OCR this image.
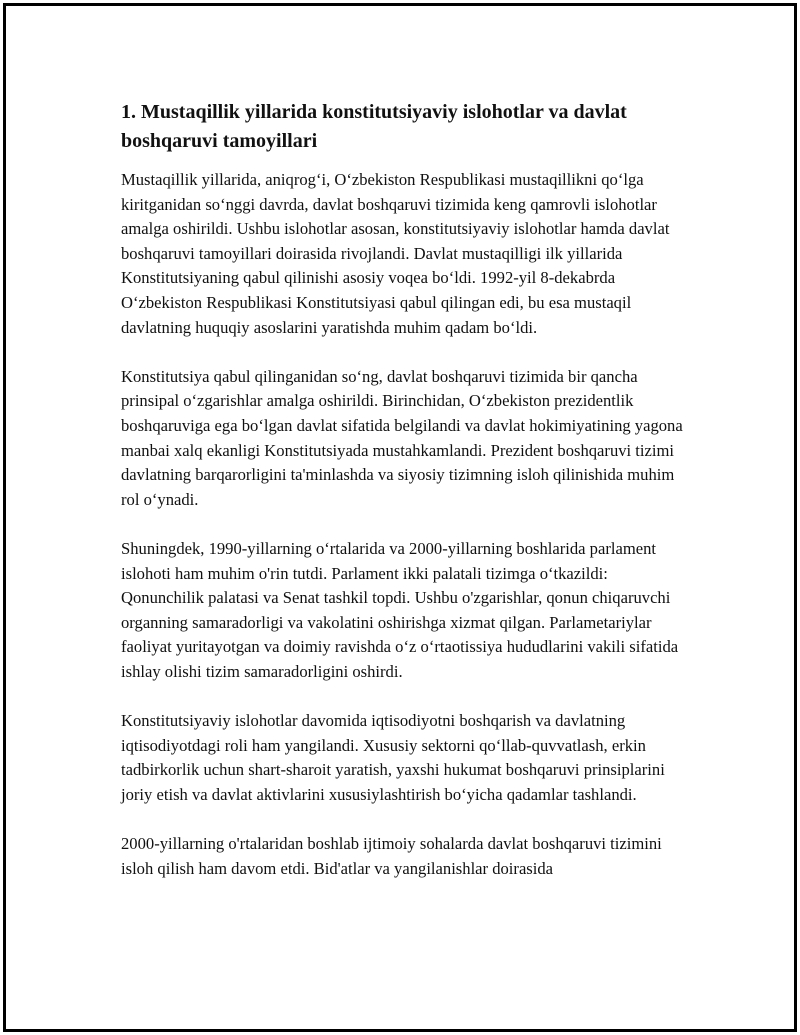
1. Mustaqillik yillarida konstitutsiyaviy islohotlar va davlat boshqaruvi tamoyillari

Mustaqillik yillarida, aniqrog‘i, O‘zbekiston Respublikasi mustaqillikni qo‘lga kiritganidan so‘nggi davrda, davlat boshqaruvi tizimida keng qamrovli islohotlar amalga oshirildi. Ushbu islohotlar asosan, konstitutsiyaviy islohotlar hamda davlat boshqaruvi tamoyillari doirasida rivojlandi. Davlat mustaqilligi ilk yillarida Konstitutsiyaning qabul qilinishi asosiy voqea bo‘ldi. 1992-yil 8-dekabrda O‘zbekiston Respublikasi Konstitutsiyasi qabul qilingan edi, bu esa mustaqil davlatning huquqiy asoslarini yaratishda muhim qadam bo‘ldi.

Konstitutsiya qabul qilinganidan so‘ng, davlat boshqaruvi tizimida bir qancha prinsipal o‘zgarishlar amalga oshirildi. Birinchidan, O‘zbekiston prezidentlik boshqaruviga ega bo‘lgan davlat sifatida belgilandi va davlat hokimiyatining yagona manbai xalq ekanligi Konstitutsiyada mustahkamlandi. Prezident boshqaruvi tizimi davlatning barqarorligini ta'minlashda va siyosiy tizimning isloh qilinishida muhim rol o‘ynadi.

Shuningdek, 1990-yillarning o‘rtalarida va 2000-yillarning boshlarida parlament islohoti ham muhim o'rin tutdi. Parlament ikki palatali tizimga o‘tkazildi: Qonunchilik palatasi va Senat tashkil topdi. Ushbu o'zgarishlar, qonun chiqaruvchi organning samaradorligi va vakolatini oshirishga xizmat qilgan. Parlametariylar faoliyat yuritayotgan va doimiy ravishda o‘z o‘rtaotissiya hududlarini vakili sifatida ishlay olishi tizim samaradorligini oshirdi.

Konstitutsiyaviy islohotlar davomida iqtisodiyotni boshqarish va davlatning iqtisodiyotdagi roli ham yangilandi. Xususiy sektorni qo‘llab-quvvatlash, erkin tadbirkorlik uchun shart-sharoit yaratish, yaxshi hukumat boshqaruvi prinsiplarini joriy etish va davlat aktivlarini xususiylashtirish bo‘yicha qadamlar tashlandi.

2000-yillarning o'rtalaridan boshlab ijtimoiy sohalarda davlat boshqaruvi tizimini isloh qilish ham davom etdi. Bid'atlar va yangilanishlar doirasida
